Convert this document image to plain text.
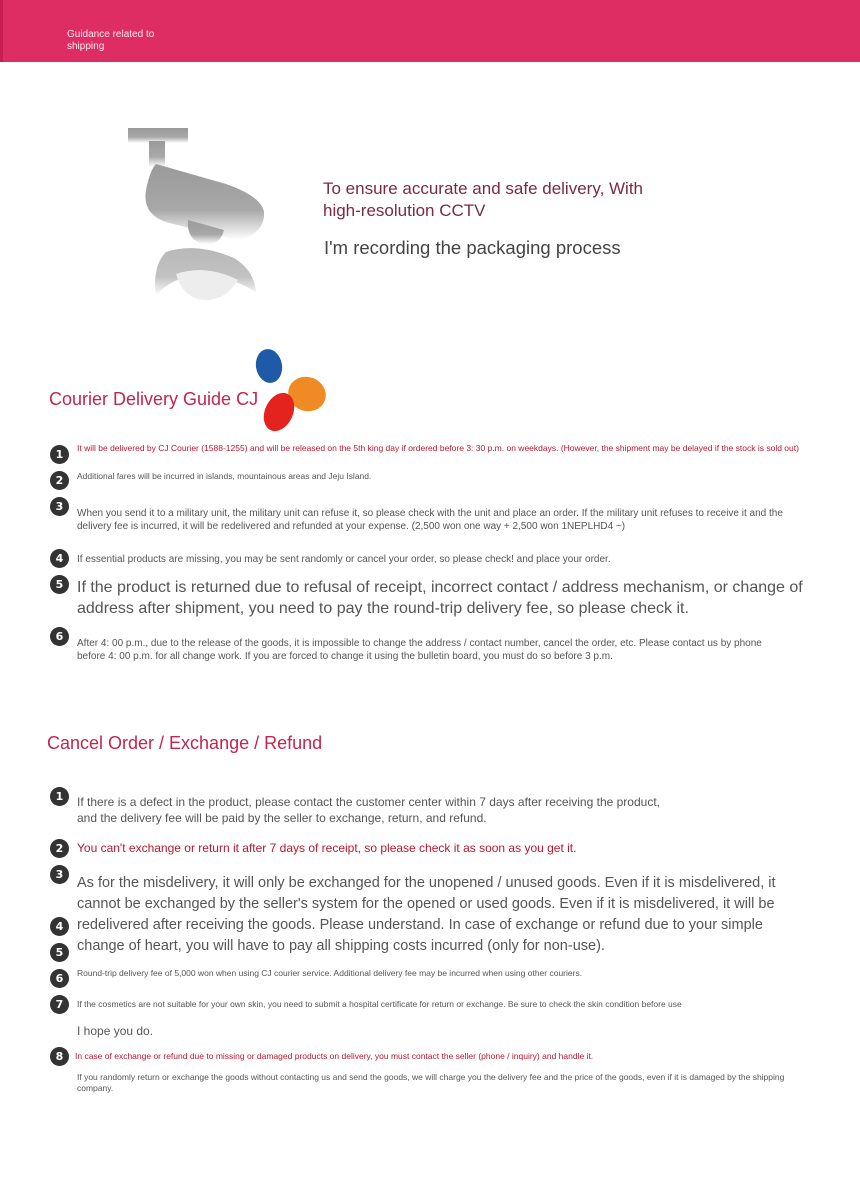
Guidance related to shipping
To ensure accurate and safe delivery, With high-resolution CCTV
I'm recording the packaging process
Courier Delivery Guide CJ
1	It will be delivered by CJ Courier (1588-1255) and will be released on the 5th king day if ordered before 3: 30 p.m. on weekdays. (However, the shipment may be delayed if the stock is sold out)
2	Additional fares will be incurred in islands, mountainous areas and Jeju Island.
3
When you send it to a military unit, the military unit can refuse it, so please check with the unit and place an order. If the military unit refuses to receive it and the delivery fee is incurred, it will be redelivered and refunded at your expense. (2,500 won one way + 2,500 won 1NEPLHD4 ~)
4	If essential products are missing, you may be sent randomly or cancel your order, so please check! and place your order.
5 If the product is returned due to refusal of receipt, incorrect contact / address mechanism, or change of address after shipment, you need to pay the round-trip delivery fee, so please check it.
6
After 4: 00 p.m., due to the release of the goods, it is impossible to change the address / contact number, cancel the order, etc. Please contact us by phone before 4: 00 p.m. for all change work. If you are forced to change it using the bulletin board, you must do so before 3 p.m.
Cancel Order / Exchange / Refund
1	If there is a defect in the product, please contact the customer center within 7 days after receiving the product, and the delivery fee will be paid by the seller to exchange, return, and refund.
2	You can't exchange or return it after 7 days of receipt, so please check it as soon as you get it.
3
As for the misdelivery, it will only be exchanged for the unopened / unused goods. Even if it is misdelivered, it cannot be exchanged by the seller's system for the opened or used goods. Even if it is misdelivered, it will be redelivered after receiving the goods. Please understand. In case of exchange or refund due to your simple change of heart, you will have to pay all shipping costs incurred (only for non-use).
4
5
6	Round-trip delivery fee of 5,000 won when using CJ courier service. Additional delivery fee may be incurred when using other couriers.
7	If the cosmetics are not suitable for your own skin, you need to submit a hospital certificate for return or exchange. Be sure to check the skin condition before use
I hope you do.
8	In case of exchange or refund due to missing or damaged products on delivery, you must contact the seller (phone / inquiry) and handle it.
If you randomly return or exchange the goods without contacting us and send the goods, we will charge you the delivery fee and the price of the goods, even if it is damaged by the shipping company.
